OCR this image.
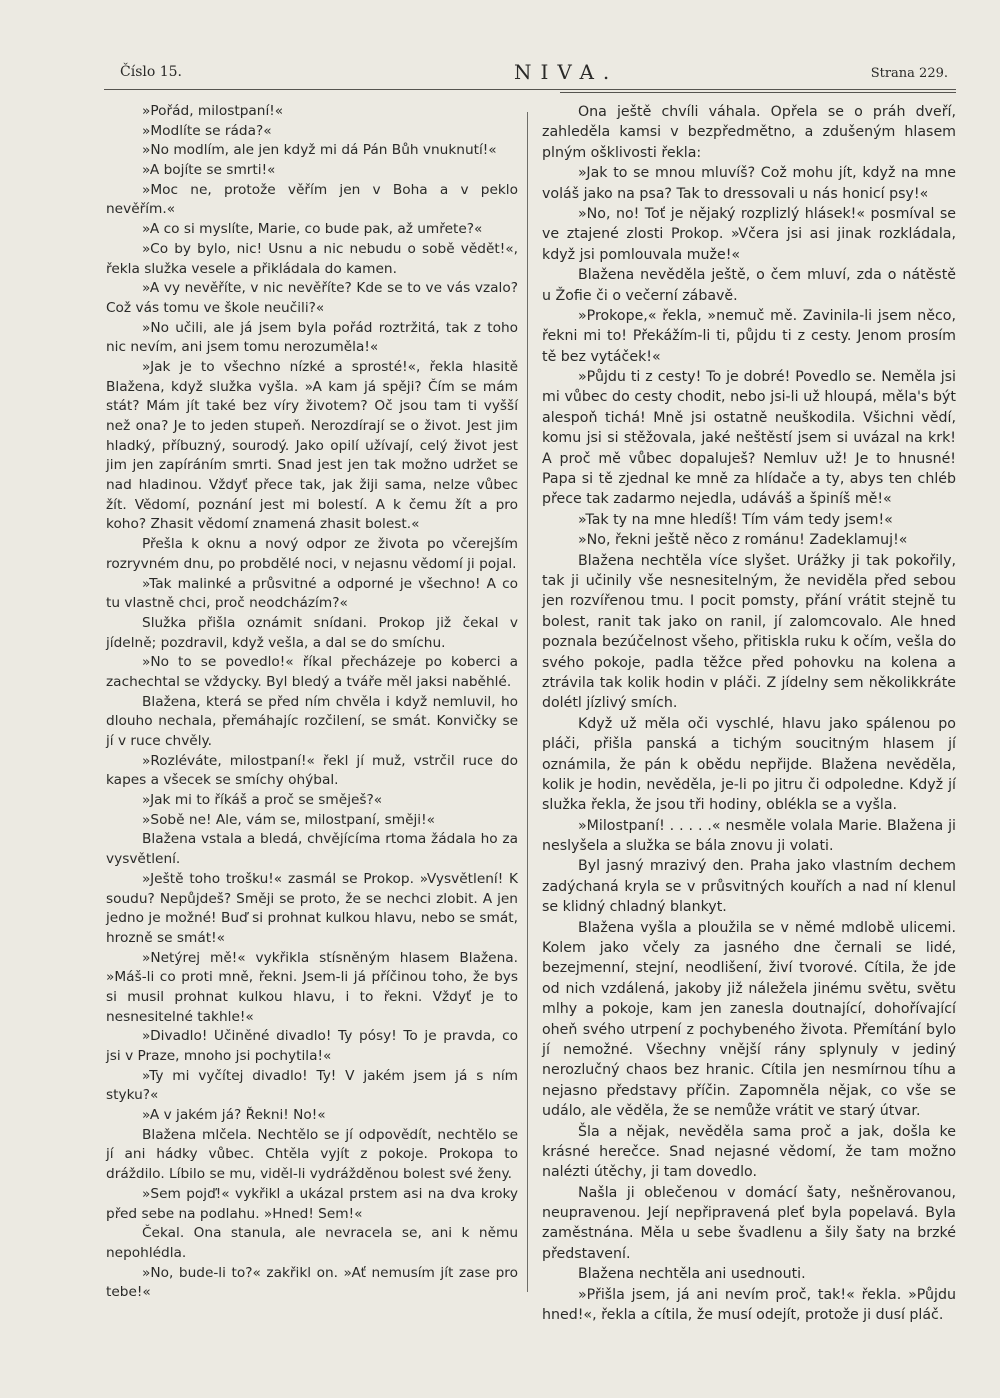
Číslo 15.	NIVA.	Strana 229.

»Pořád, milostpaní!«

»Modlíte se ráda?«

»No modlím, ale jen když mi dá Pán Bůh vnuknutí!«

»A bojíte se smrti!«

»Moc ne, protože věřím jen v Boha a v peklo nevěřím.«

»A co si myslíte, Marie, co bude pak, až umřete?«

»Co by bylo, nic! Usnu a nic nebudu o sobě vědět!«, řekla služka vesele a přikládala do kamen.

»A vy nevěříte, v nic nevěříte? Kde se to ve vás vzalo? Což vás tomu ve škole neučili?«

»No učili, ale já jsem byla pořád roztržitá, tak z toho nic nevím, ani jsem tomu nerozuměla!«

»Jak je to všechno nízké a sprosté!«, řekla hlasitě Blažena, když služka vyšla. »A kam já spěji? Čím se mám stát? Mám jít také bez víry životem? Oč jsou tam ti vyšší než ona? Je to jeden stupeň. Nerozdírají se o život. Jest jim hladký, příbuzný, sourodý. Jako opilí užívají, celý život jest jim jen zapíráním smrti. Snad jest jen tak možno udržet se nad hladinou. Vždyť přece tak, jak žiji sama, nelze vůbec žít. Vědomí, poznání jest mi bolestí. A k čemu žít a pro koho? Zhasit vědomí znamená zhasit bolest.«

Přešla k oknu a nový odpor ze života po včerejším rozryvném dnu, po probdělé noci, v nejasnu vědomí ji pojal.

»Tak malinké a průsvitné a odporné je všechno! A co tu vlastně chci, proč neodcházím?«

Služka přišla oznámit snídani. Prokop již čekal v jídelně; pozdravil, když vešla, a dal se do smíchu.

»No to se povedlo!« říkal přecházeje po koberci a zachechtal se vždycky. Byl bledý a tváře měl jaksi naběhlé.

Blažena, která se před ním chvěla i když nemluvil, ho dlouho nechala, přemáhajíc rozčilení, se smát. Konvičky se jí v ruce chvěly.

»Rozléváte, milostpaní!« řekl jí muž, vstrčil ruce do kapes a všecek se smíchy ohýbal.

»Jak mi to říkáš a proč se směješ?«

»Sobě ne! Ale, vám se, milostpaní, směji!«

Blažena vstala a bledá, chvějícíma rtoma žádala ho za vysvětlení.

»Ještě toho trošku!« zasmál se Prokop. »Vysvětlení! K soudu? Nepůjdeš? Směji se proto, že se nechci zlobit. A jen jedno je možné! Buď si prohnat kulkou hlavu, nebo se smát, hrozně se smát!«

»Netýrej mě!« vykřikla stísněným hlasem Blažena. »Máš-li co proti mně, řekni. Jsem-li já příčinou toho, že bys si musil prohnat kulkou hlavu, i to řekni. Vždyť je to nesnesitelné takhle!«

»Divadlo! Učiněné divadlo! Ty pósy! To je pravda, co jsi v Praze, mnoho jsi pochytila!«

»Ty mi vyčítej divadlo! Ty! V jakém jsem já s ním styku?«

»A v jakém já? Řekni! No!«

Blažena mlčela. Nechtělo se jí odpovědít, nechtělo se jí ani hádky vůbec. Chtěla vyjít z pokoje. Prokopa to dráždilo. Líbilo se mu, viděl-li vydrážděnou bolest své ženy.

»Sem pojď!« vykřikl a ukázal prstem asi na dva kroky před sebe na podlahu. »Hned! Sem!«

Čekal. Ona stanula, ale nevracela se, ani k němu nepohlédla.

»No, bude-li to?« zakřikl on. »Ať nemusím jít zase pro tebe!«

Ona ještě chvíli váhala. Opřela se o práh dveří, zahleděla kamsi v bezpředmětno, a zdušeným hlasem plným ošklivosti řekla:

»Jak to se mnou mluvíš? Což mohu jít, když na mne voláš jako na psa? Tak to dressovali u nás honicí psy!«

»No, no! Toť je nějaký rozplizlý hlásek!« posmíval se ve ztajené zlosti Prokop. »Včera jsi asi jinak rozkládala, když jsi pomlouvala muže!«

Blažena nevěděla ještě, o čem mluví, zda o nátěstě u Žofie či o večerní zábavě.

»Prokope,« řekla, »nemuč mě. Zavinila-li jsem něco, řekni mi to! Překážím-li ti, půjdu ti z cesty. Jenom prosím tě bez vytáček!«

»Půjdu ti z cesty! To je dobré! Povedlo se. Neměla jsi mi vůbec do cesty chodit, nebo jsi-li už hloupá, měla's být alespoň tichá! Mně jsi ostatně neuškodila. Všichni vědí, komu jsi si stěžovala, jaké neštěstí jsem si uvázal na krk! A proč mě vůbec dopaluješ? Nemluv už! Je to hnusné! Papa si tě zjednal ke mně za hlídače a ty, abys ten chléb přece tak zadarmo nejedla, udáváš a špiníš mě!«

»Tak ty na mne hledíš! Tím vám tedy jsem!«

»No, řekni ještě něco z románu! Zadeklamuj!«

Blažena nechtěla více slyšet. Urážky ji tak pokořily, tak ji učinily vše nesnesitelným, že neviděla před sebou jen rozvířenou tmu. I pocit pomsty, přání vrátit stejně tu bolest, ranit tak jako on ranil, jí zalomcovalo. Ale hned poznala bezúčelnost všeho, přitiskla ruku k očím, vešla do svého pokoje, padla těžce před pohovku na kolena a ztrávila tak kolik hodin v pláči. Z jídelny sem několikkráte dolétl jízlivý smích.

Když už měla oči vyschlé, hlavu jako spálenou po pláči, přišla panská a tichým soucitným hlasem jí oznámila, že pán k obědu nepřijde. Blažena nevěděla, kolik je hodin, nevěděla, je-li po jitru či odpoledne. Když jí služka řekla, že jsou tři hodiny, oblékla se a vyšla.

»Milostpaní! . . . . .« nesměle volala Marie. Blažena ji neslyšela a služka se bála znovu ji volati.

Byl jasný mrazivý den. Praha jako vlastním dechem zadýchaná kryla se v průsvitných kouřích a nad ní klenul se klidný chladný blankyt.

Blažena vyšla a ploužila se v němé mdlobě ulicemi. Kolem jako včely za jasného dne černali se lidé, bezejmenní, stejní, neodlišení, živí tvorové. Cítila, že jde od nich vzdálená, jakoby již náležela jinému světu, světu mlhy a pokoje, kam jen zanesla doutnající, dohořívající oheň svého utrpení z pochybeného života. Přemítání bylo jí nemožné. Všechny vnější rány splynuly v jediný nerozlučný chaos bez hranic. Cítila jen nesmírnou tíhu a nejasno představy příčin. Zapomněla nějak, co vše se událo, ale věděla, že se nemůže vrátit ve starý útvar.

Šla a nějak, nevěděla sama proč a jak, došla ke krásné herečce. Snad nejasné vědomí, že tam možno nalézti útěchy, ji tam dovedlo.

Našla ji oblečenou v domácí šaty, nešněrovanou, neupravenou. Její nepřipravená pleť byla popelavá. Byla zaměstnána. Měla u sebe švadlenu a šily šaty na brzké představení.

Blažena nechtěla ani usednouti.

»Přišla jsem, já ani nevím proč, tak!« řekla. »Půjdu hned!«, řekla a cítila, že musí odejít, protože ji dusí pláč.
